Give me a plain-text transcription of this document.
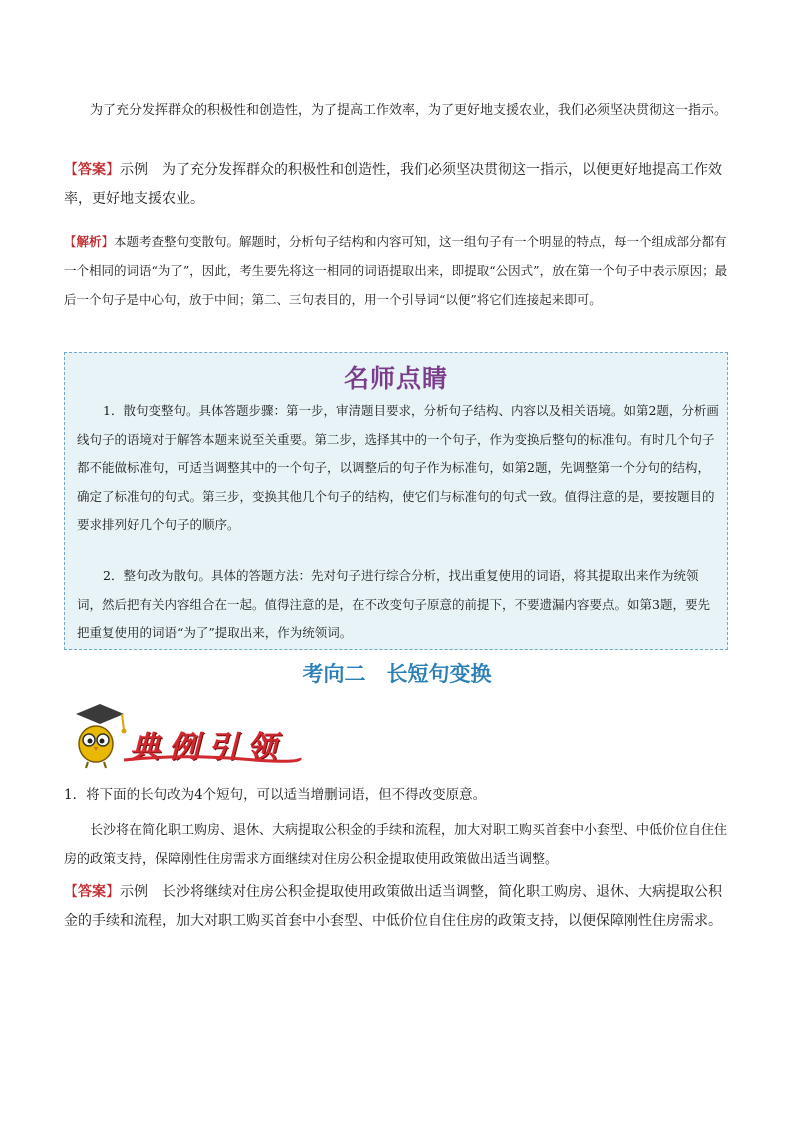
为了充分发挥群众的积极性和创造性，为了提高工作效率，为了更好地支援农业，我们必须坚决贯彻这一指示。

【答案】示例　为了充分发挥群众的积极性和创造性，我们必须坚决贯彻这一指示，以便更好地提高工作效率，更好地支援农业。

【解析】本题考查整句变散句。解题时，分析句子结构和内容可知，这一组句子有一个明显的特点，每一个组成部分都有一个相同的词语“为了”，因此，考生要先将这一相同的词语提取出来，即提取“公因式”，放在第一个句子中表示原因；最后一个句子是中心句，放于中间；第二、三句表目的，用一个引导词“以便”将它们连接起来即可。

名师点睛

1．散句变整句。具体答题步骤：第一步，审清题目要求，分析句子结构、内容以及相关语境。如第2题，分析画线句子的语境对于解答本题来说至关重要。第二步，选择其中的一个句子，作为变换后整句的标准句。有时几个句子都不能做标准句，可适当调整其中的一个句子，以调整后的句子作为标准句，如第2题，先调整第一个分句的结构，确定了标准句的句式。第三步，变换其他几个句子的结构，使它们与标准句的句式一致。值得注意的是，要按题目的要求排列好几个句子的顺序。

2．整句改为散句。具体的答题方法：先对句子进行综合分析，找出重复使用的词语，将其提取出来作为统领词，然后把有关内容组合在一起。值得注意的是，在不改变句子原意的前提下，不要遗漏内容要点。如第3题，要先把重复使用的词语“为了”提取出来，作为统领词。

考向二　长短句变换
典例引领

1．将下面的长句改为4个短句，可以适当增删词语，但不得改变原意。

长沙将在简化职工购房、退休、大病提取公积金的手续和流程，加大对职工购买首套中小套型、中低价位自住住房的政策支持，保障刚性住房需求方面继续对住房公积金提取使用政策做出适当调整。

【答案】示例　长沙将继续对住房公积金提取使用政策做出适当调整，简化职工购房、退休、大病提取公积金的手续和流程，加大对职工购买首套中小套型、中低价位自住住房的政策支持，以便保障刚性住房需求。
